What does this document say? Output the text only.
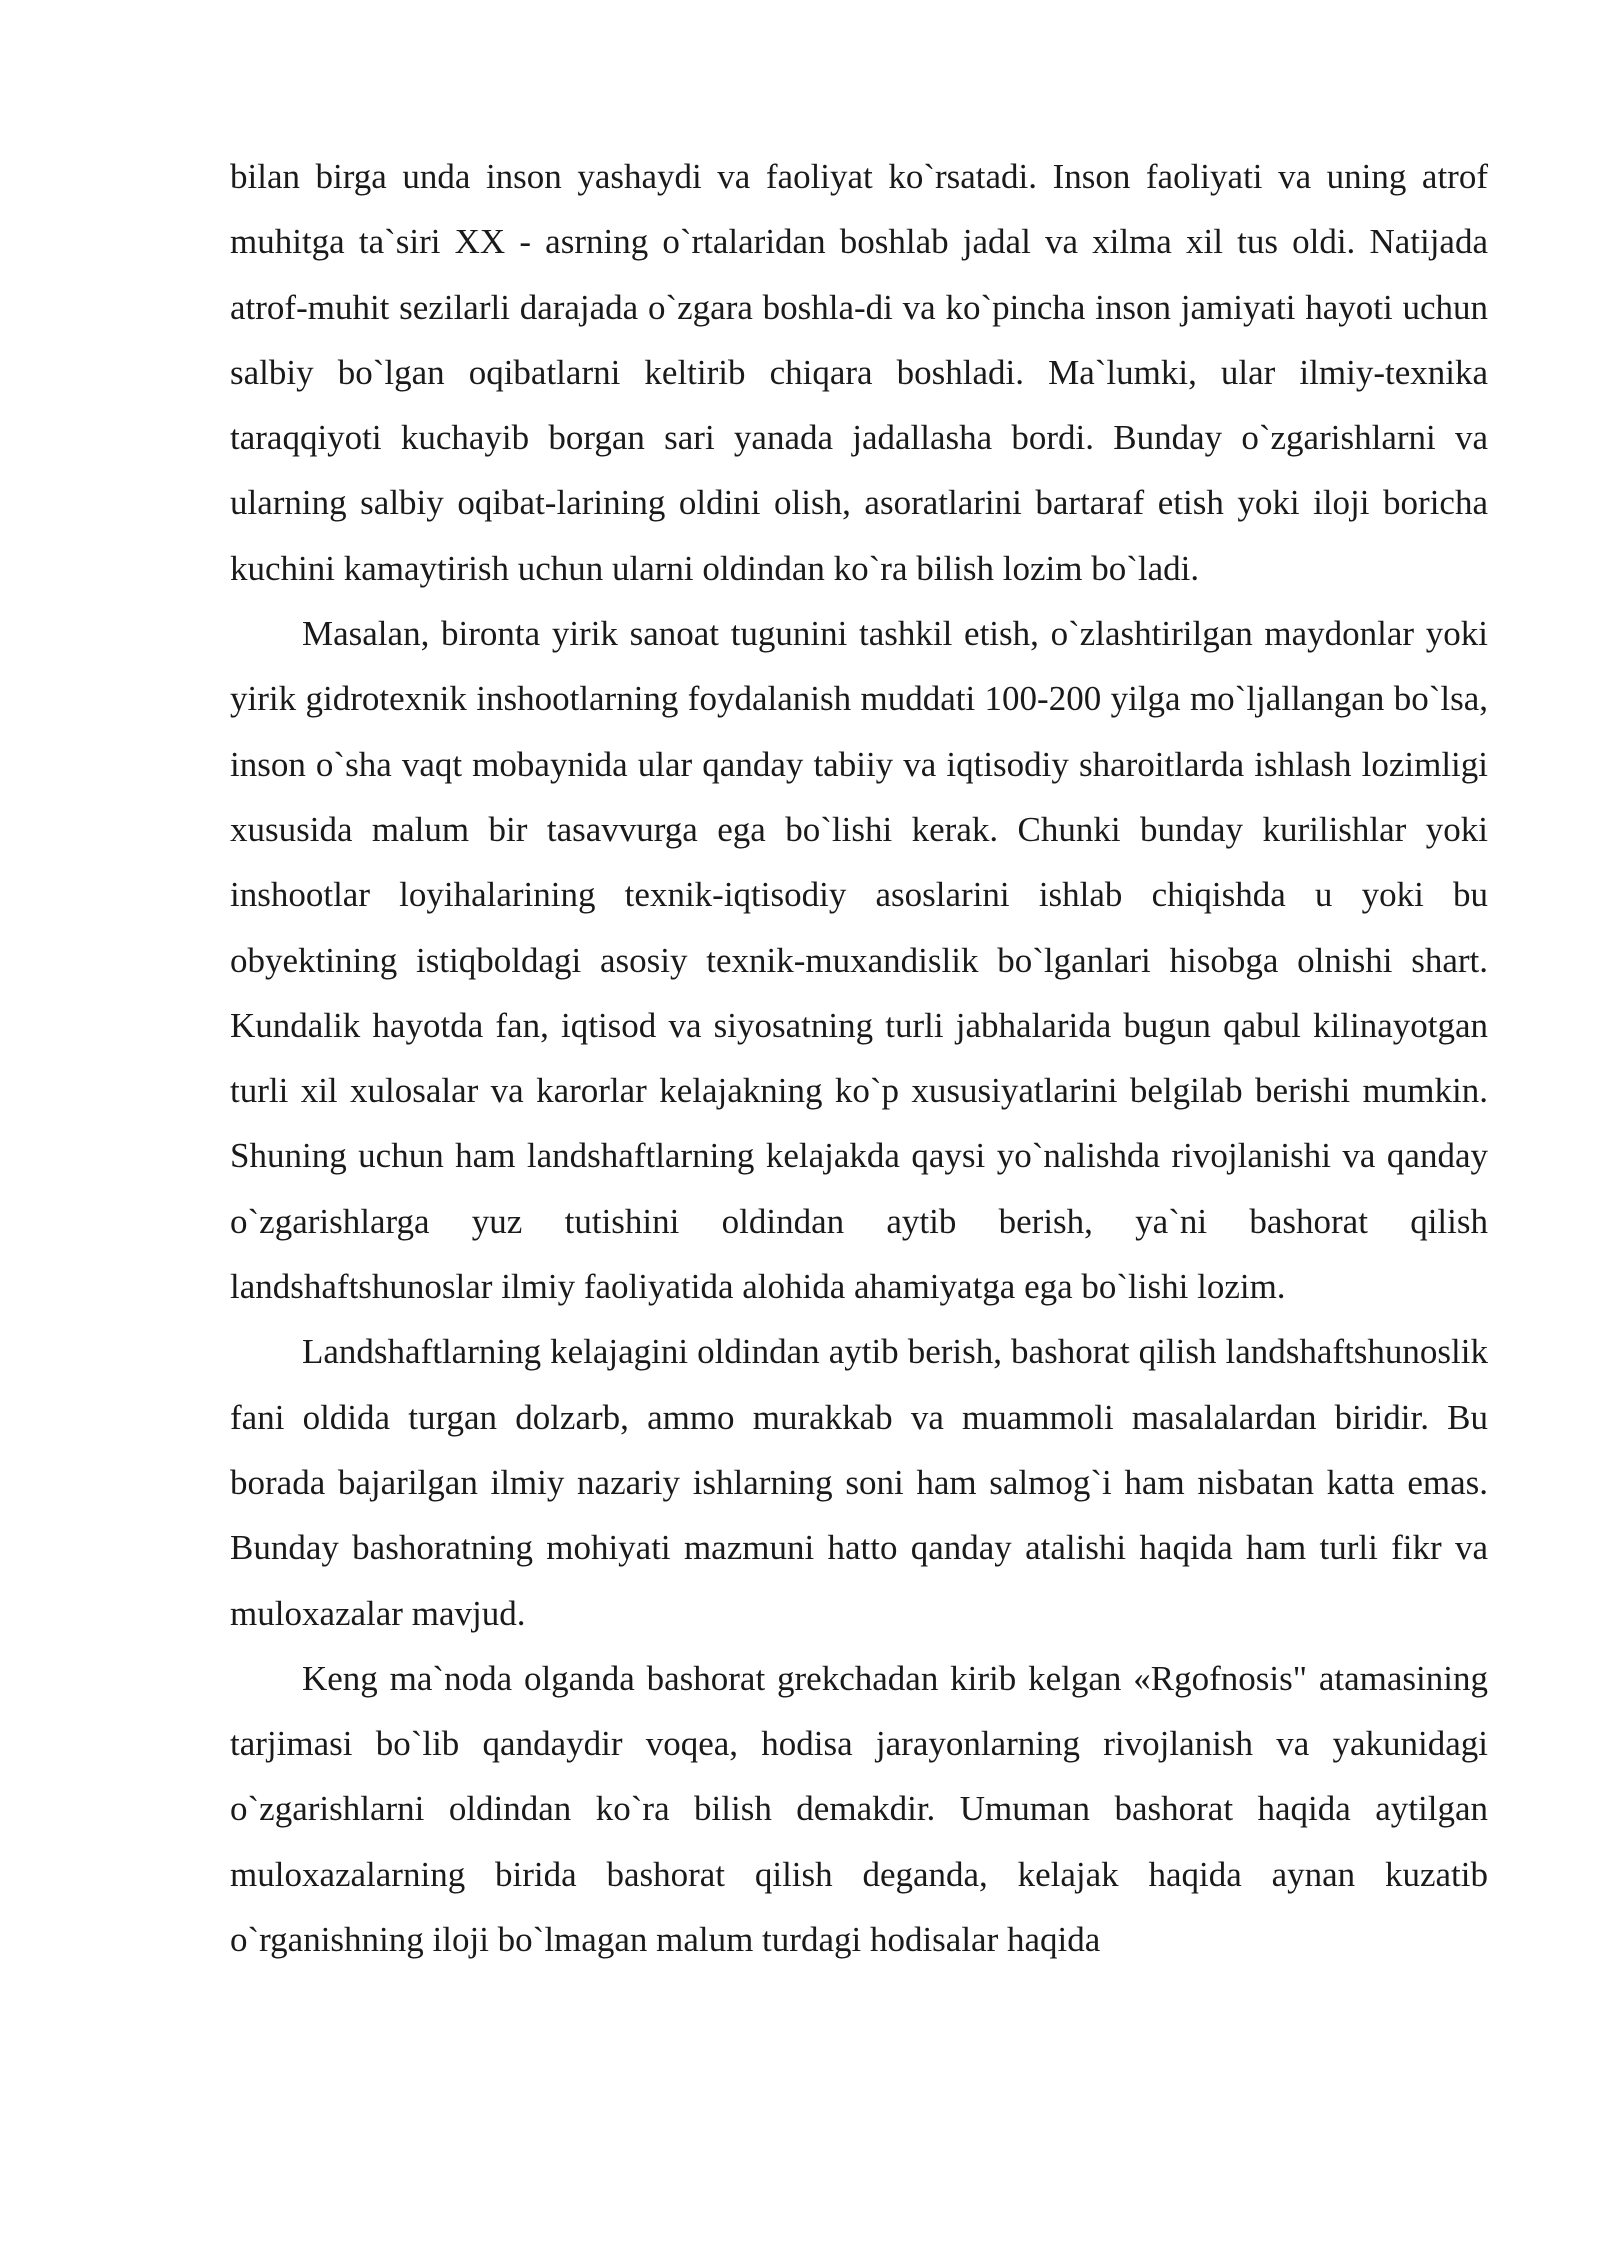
bilan birga unda inson yashaydi va faoliyat ko`rsatadi. Inson faoliyati va uning atrof muhitga ta`siri XX - asrning o`rtalaridan boshlab jadal va xilma xil tus oldi. Natijada atrof-muhit sezilarli darajada o`zgara boshla-di va ko`pincha inson jamiyati hayoti uchun salbiy bo`lgan oqibatlarni keltirib chiqara boshladi. Ma`lumki, ular ilmiy-texnika taraqqiyoti kuchayib borgan sari yanada jadallasha bordi. Bunday o`zgarishlarni va ularning salbiy oqibat-larining oldini olish, asoratlarini bartaraf etish yoki iloji boricha kuchini kamaytirish uchun ularni oldindan ko`ra bilish lozim bo`ladi.

Masalan, bironta yirik sanoat tugunini tashkil etish, o`zlashtirilgan maydonlar yoki yirik gidrotexnik inshootlarning foydalanish muddati 100-200 yilga mo`ljallangan bo`lsa, inson o`sha vaqt mobaynida ular qanday tabiiy va iqtisodiy sharoitlarda ishlash lozimligi xususida malum bir tasavvurga ega bo`lishi kerak. Chunki bunday kurilishlar yoki inshootlar loyihalarining texnik-iqtisodiy asoslarini ishlab chiqishda u yoki bu obyektining istiqboldagi asosiy texnik-muxandislik bo`lganlari hisobga olnishi shart. Kundalik hayotda fan, iqtisod va siyosatning turli jabhalarida bugun qabul kilinayotgan turli xil xulosalar va karorlar kelajakning ko`p xususiyatlarini belgilab berishi mumkin. Shuning uchun ham landshaftlarning kelajakda qaysi yo`nalishda rivojlanishi va qanday o`zgarishlarga yuz tutishini oldindan aytib berish, ya`ni bashorat qilish landshaftshunoslar ilmiy faoliyatida alohida ahamiyatga ega bo`lishi lozim.

Landshaftlarning kelajagini oldindan aytib berish, bashorat qilish landshaftshunoslik fani oldida turgan dolzarb, ammo murakkab va muammoli masalalardan biridir. Bu borada bajarilgan ilmiy nazariy ishlarning soni ham salmog`i ham nisbatan katta emas. Bunday bashoratning mohiyati mazmuni hatto qanday atalishi haqida ham turli fikr va muloxazalar mavjud.

Keng ma`noda olganda bashorat grekchadan kirib kelgan «Rgofnosis" atamasining tarjimasi bo`lib qandaydir voqea, hodisa jarayonlarning rivojlanish va yakunidagi o`zgarishlarni oldindan ko`ra bilish demakdir. Umuman bashorat haqida aytilgan muloxazalarning birida bashorat qilish deganda, kelajak haqida aynan kuzatib o`rganishning iloji bo`lmagan malum turdagi hodisalar haqida
